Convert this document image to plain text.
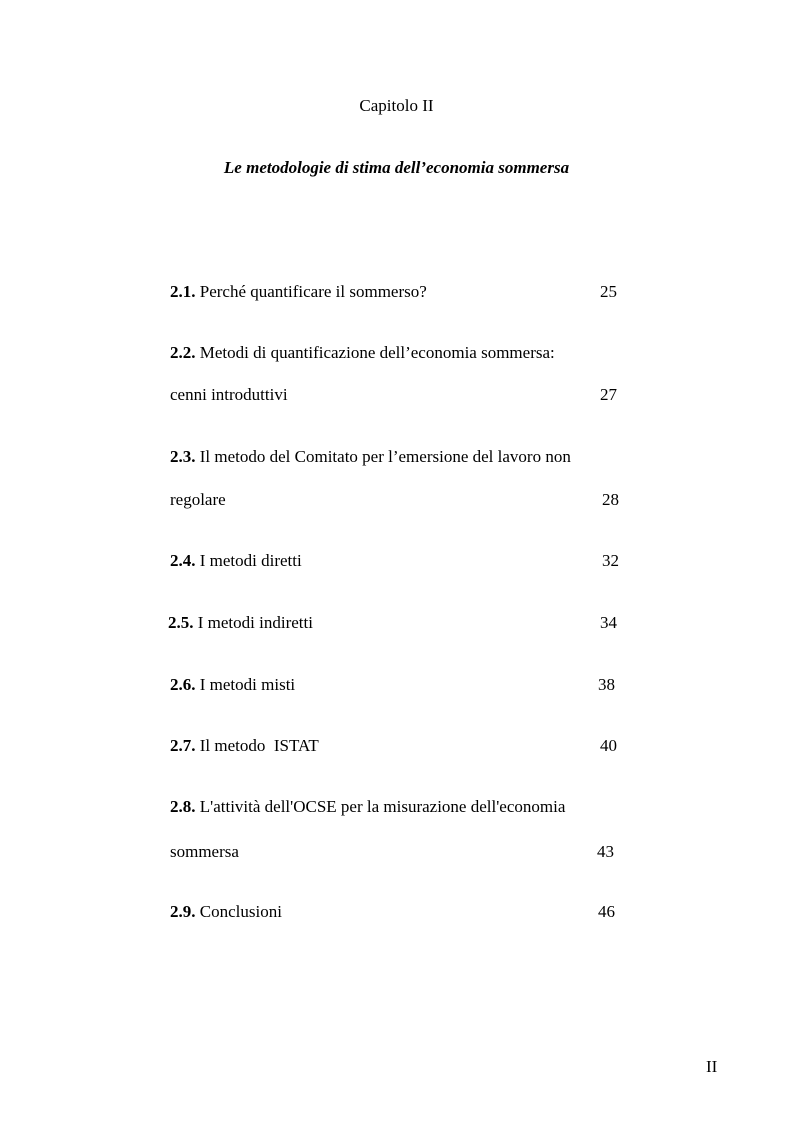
Capitolo II
Le metodologie di stima dell’economia sommersa
2.1. Perché quantificare il sommerso?	25
2.2. Metodi di quantificazione dell’economia sommersa:
cenni introduttivi	27
2.3. Il metodo del Comitato per l’emersione del lavoro non
regolare	28
2.4. I metodi diretti	32
2.5. I metodi indiretti	34
2.6. I metodi misti	38
2.7. Il metodo  ISTAT	40
2.8. L'attività dell'OCSE per la misurazione dell'economia
sommersa	43
2.9. Conclusioni	46
II
